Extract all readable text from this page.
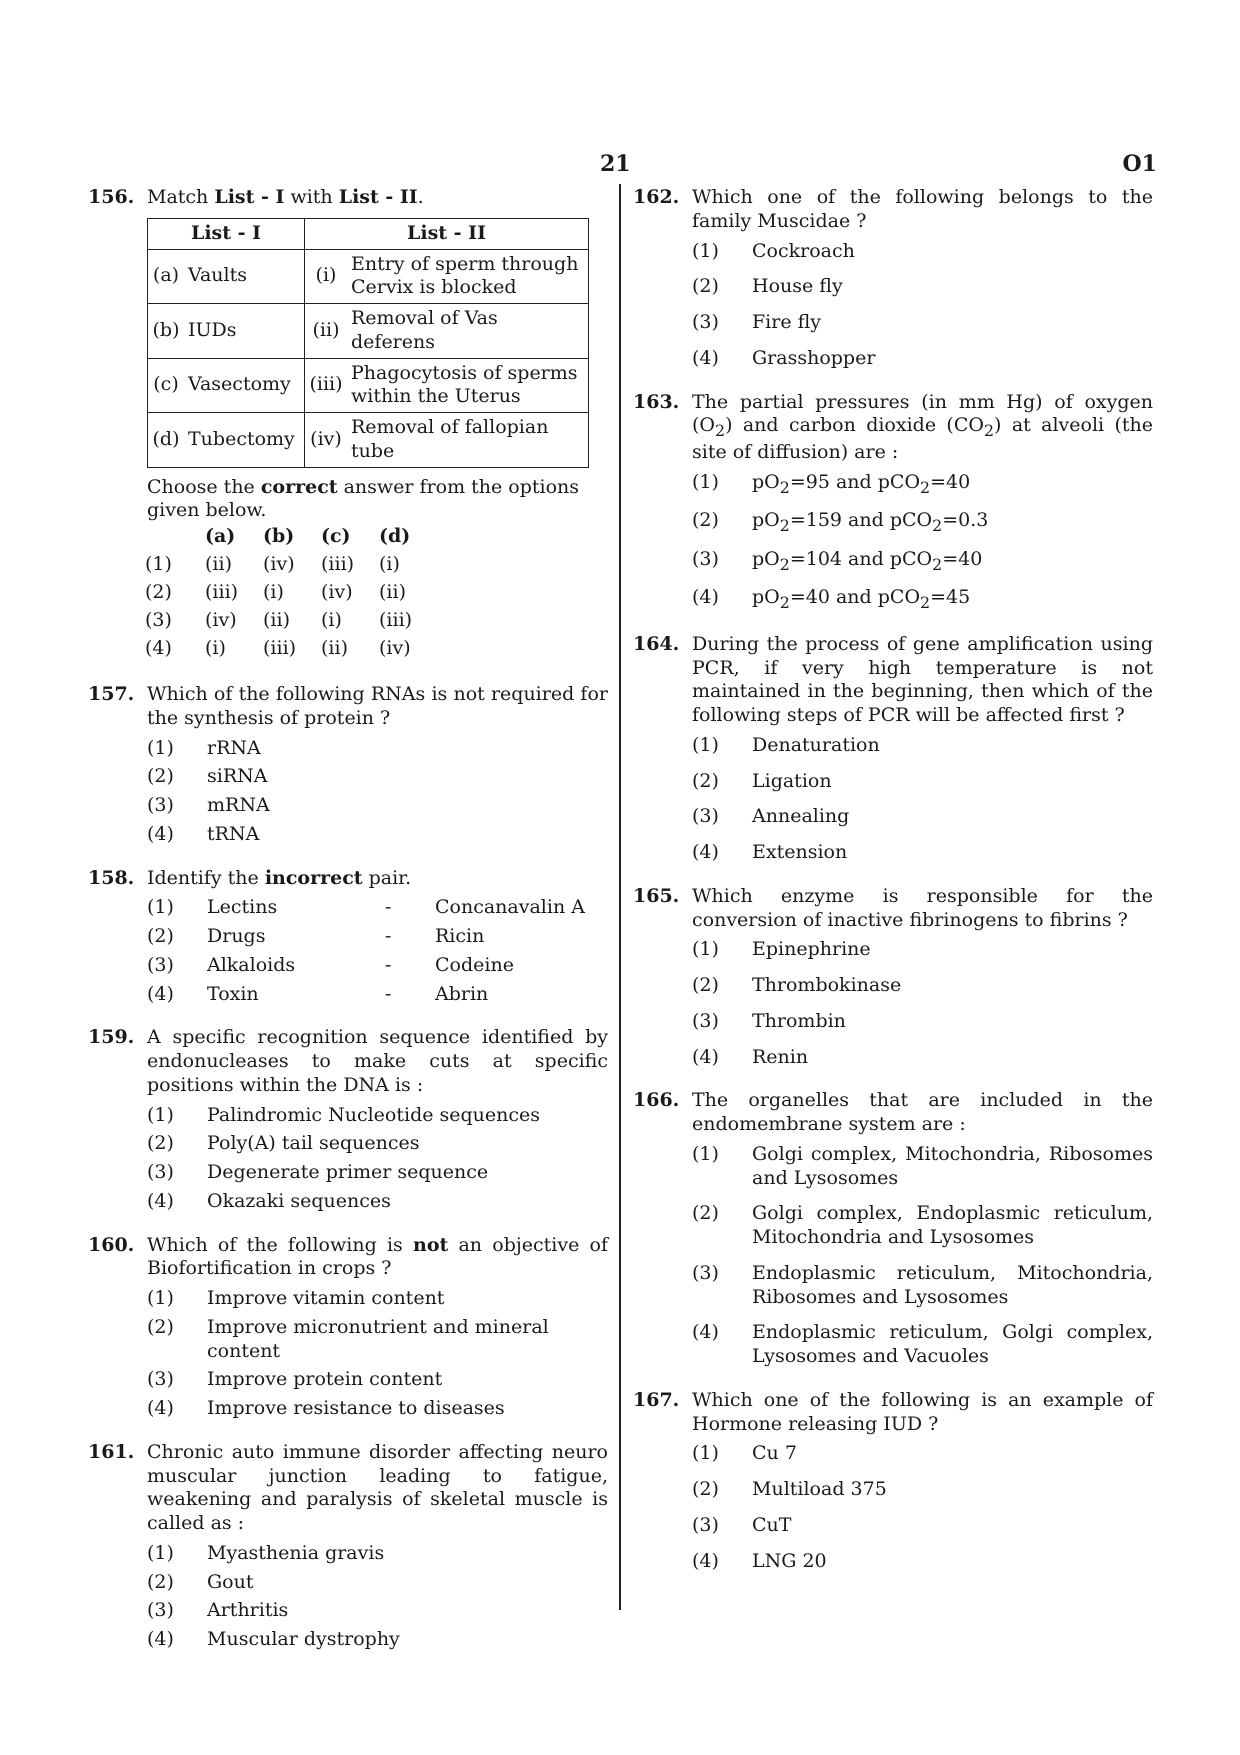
21	O1
156. Match List - I with List - II.
List - I		List - II	
(a)	Vaults	(i)	Entry of sperm through Cervix is blocked
(b)	IUDs	(ii)	Removal of Vas deferens
(c)	Vasectomy	(iii)	Phagocytosis of sperms within the Uterus
(d)	Tubectomy	(iv)	Removal of fallopian tube
Choose the correct answer from the options given below.
	(a)	(b)	(c)	(d)
(1)	(ii)	(iv)	(iii)	(i)
(2)	(iii)	(i)	(iv)	(ii)
(3)	(iv)	(ii)	(i)	(iii)
(4)	(i)	(iii)	(ii)	(iv)
157. Which of the following RNAs is not required for the synthesis of protein ?
(1)	rRNA
(2)	siRNA
(3)	mRNA
(4)	tRNA
158. Identify the incorrect pair.
(1)	Lectins	-	Concanavalin A
(2)	Drugs	-	Ricin
(3)	Alkaloids	-	Codeine
(4)	Toxin	-	Abrin
159. A specific recognition sequence identified by endonucleases to make cuts at specific positions within the DNA is :
(1)	Palindromic Nucleotide sequences
(2)	Poly(A) tail sequences
(3)	Degenerate primer sequence
(4)	Okazaki sequences
160. Which of the following is not an objective of Biofortification in crops ?
(1)	Improve vitamin content
(2)	Improve micronutrient and mineral content
(3)	Improve protein content
(4)	Improve resistance to diseases
161. Chronic auto immune disorder affecting neuro muscular junction leading to fatigue, weakening and paralysis of skeletal muscle is called as :
(1)	Myasthenia gravis
(2)	Gout
(3)	Arthritis
(4)	Muscular dystrophy
162. Which one of the following belongs to the family Muscidae ?
(1)	Cockroach
(2)	House fly
(3)	Fire fly
(4)	Grasshopper
163. The partial pressures (in mm Hg) of oxygen $(O_2)$ and carbon dioxide $(CO_2)$ at alveoli (the site of diffusion) are :
(1)	$pO_2=95$ and pCO$_2$=40
(2)	$pO_2=159$ and pCO$_2$=0.3
(3)	$pO_2=104$ and pCO$_2$=40
(4)	$pO_2=40$ and pCO$_2$=45
164. During the process of gene amplification using PCR, if very high temperature is not maintained in the beginning, then which of the following steps of PCR will be affected first ?
(1)	Denaturation
(2)	Ligation
(3)	Annealing
(4)	Extension
165. Which enzyme is responsible for the conversion of inactive fibrinogens to fibrins ?
(1)	Epinephrine
(2)	Thrombokinase
(3)	Thrombin
(4)	Renin
166. The organelles that are included in the endomembrane system are :
(1)	Golgi complex, Mitochondria, Ribosomes and Lysosomes
(2)	Golgi complex, Endoplasmic reticulum, Mitochondria and Lysosomes
(3)	Endoplasmic reticulum, Mitochondria, Ribosomes and Lysosomes
(4)	Endoplasmic reticulum, Golgi complex, Lysosomes and Vacuoles
167. Which one of the following is an example of Hormone releasing IUD ?
(1)	Cu 7
(2)	Multiload 375
(3)	CuT
(4)	LNG 20
